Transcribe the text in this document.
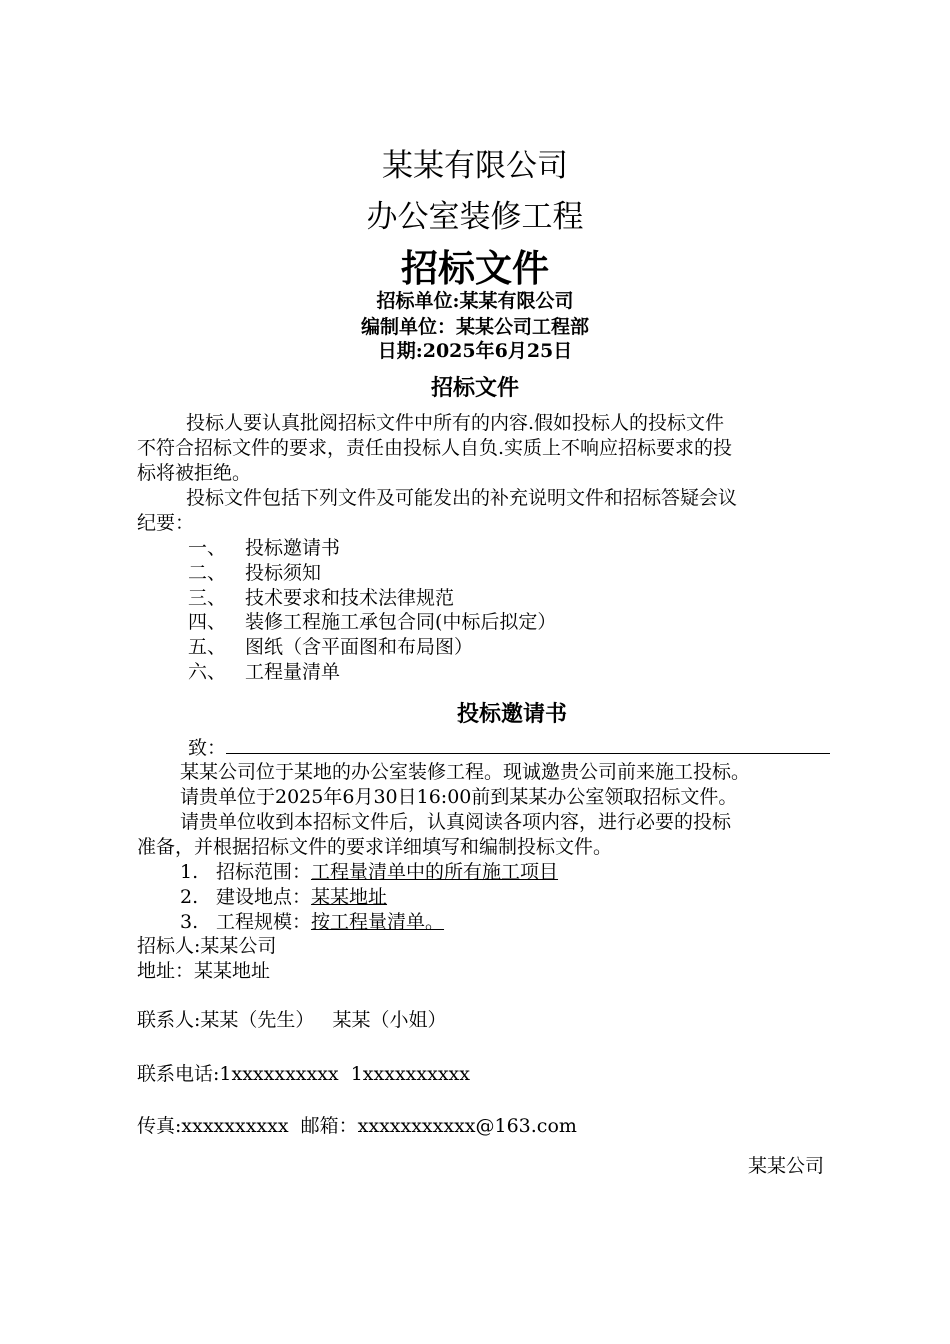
某某有限公司
办公室装修工程
招标文件
招标单位:某某有限公司
编制单位：某某公司工程部
日期:2025年6月25日
招标文件
投标人要认真批阅招标文件中所有的内容.假如投标人的投标文件
不符合招标文件的要求，责任由投标人自负.实质上不响应招标要求的投
标将被拒绝。
投标文件包括下列文件及可能发出的补充说明文件和招标答疑会议
纪要：
一、 投标邀请书
二、 投标须知
三、 技术要求和技术法律规范
四、 装修工程施工承包合同(中标后拟定）
五、 图纸（含平面图和布局图）
六、 工程量清单
投标邀请书
致：
某某公司位于某地的办公室装修工程。现诚邀贵公司前来施工投标。
请贵单位于2025年6月30日16:00前到某某办公室领取招标文件。
请贵单位收到本招标文件后，认真阅读各项内容，进行必要的投标
准备，并根据招标文件的要求详细填写和编制投标文件。
1. 招标范围：工程量清单中的所有施工项目
2. 建设地点：某某地址
3. 工程规模：按工程量清单。
招标人:某某公司
地址：某某地址
联系人:某某（先生）   某某（小姐）
联系电话:1xxxxxxxxxx  1xxxxxxxxxx
传真:xxxxxxxxxx  邮箱：xxxxxxxxxxx@163.com
某某公司
